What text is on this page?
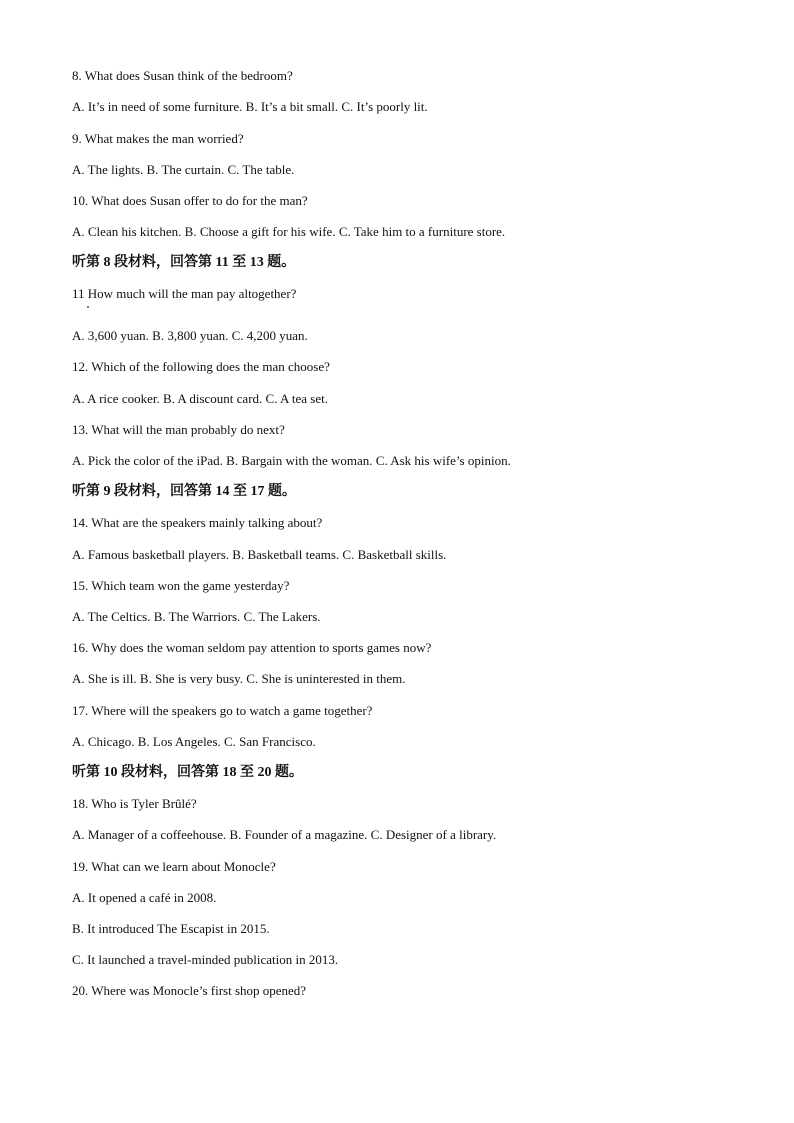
8. What does Susan think of the bedroom?
A. It’s in need of some furniture. B. It’s a bit small. C. It’s poorly lit.
9. What makes the man worried?
A. The lights. B. The curtain. C. The table.
10. What does Susan offer to do for the man?
A. Clean his kitchen. B. Choose a gift for his wife. C. Take him to a furniture store.
听第 8 段材料，回答第 11 至 13 题。
11 How much will the man pay altogether?
A. 3,600 yuan. B. 3,800 yuan. C. 4,200 yuan.
12. Which of the following does the man choose?
A. A rice cooker. B. A discount card. C. A tea set.
13. What will the man probably do next?
A. Pick the color of the iPad. B. Bargain with the woman. C. Ask his wife’s opinion.
听第 9 段材料，回答第 14 至 17 题。
14. What are the speakers mainly talking about?
A. Famous basketball players. B. Basketball teams. C. Basketball skills.
15. Which team won the game yesterday?
A. The Celtics. B. The Warriors. C. The Lakers.
16. Why does the woman seldom pay attention to sports games now?
A. She is ill. B. She is very busy. C. She is uninterested in them.
17. Where will the speakers go to watch a game together?
A. Chicago. B. Los Angeles. C. San Francisco.
听第 10 段材料，回答第 18 至 20 题。
18. Who is Tyler Brûlé?
A. Manager of a coffeehouse. B. Founder of a magazine. C. Designer of a library.
19. What can we learn about Monocle?
A. It opened a café in 2008.
B. It introduced The Escapist in 2015.
C. It launched a travel-minded publication in 2013.
20. Where was Monocle’s first shop opened?
